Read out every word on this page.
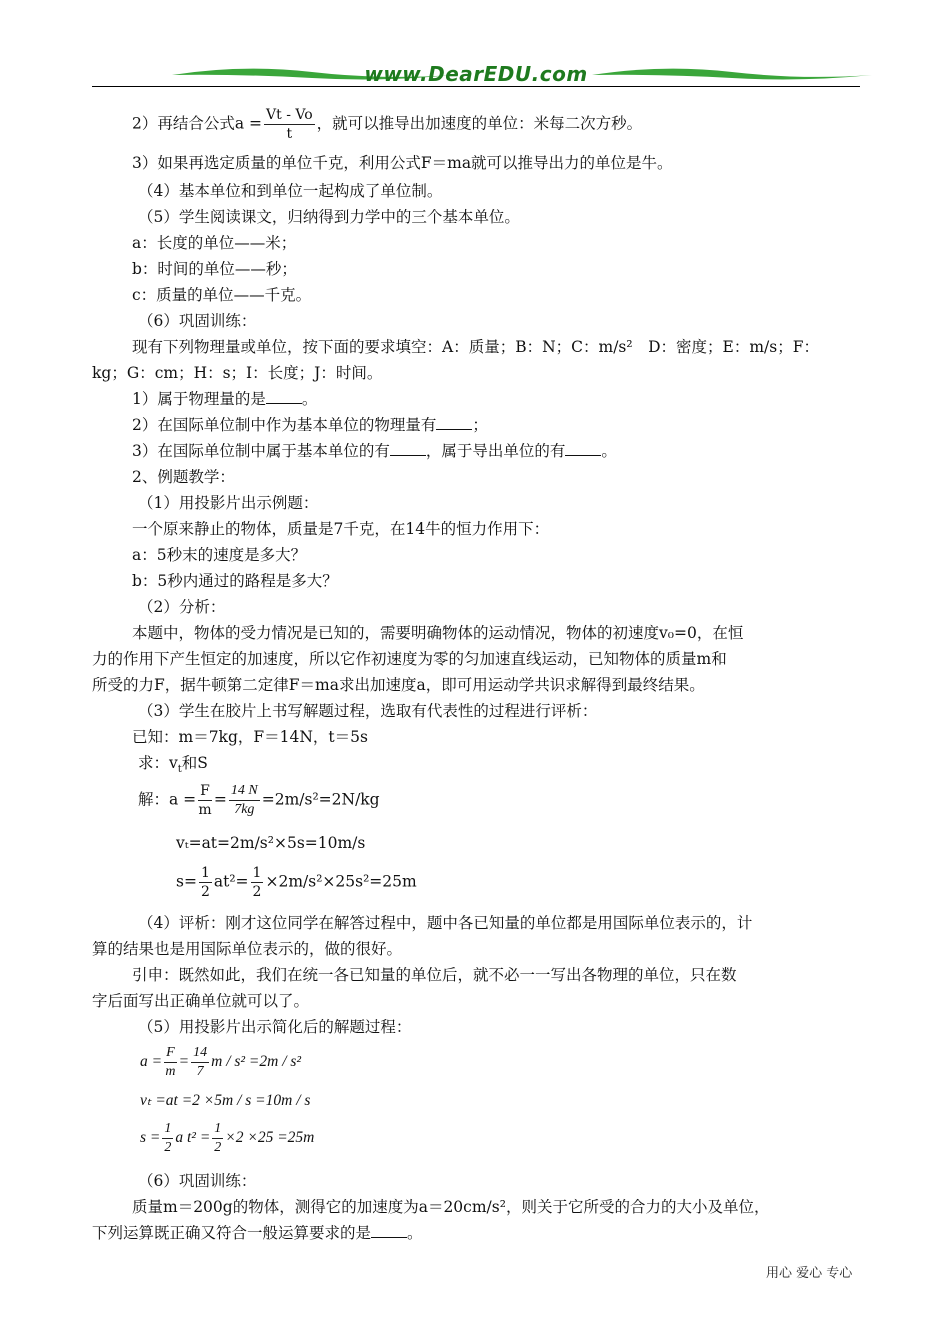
www.DearEDU.com
2）再结合公式$a = \frac{Vt - Vo}{t}$ ，就可以推导出加速度的单位：米每二次方秒。
3）如果再选定质量的单位千克，利用公式F＝ma就可以推导出力的单位是牛。
（4）基本单位和到单位一起构成了单位制。
（5）学生阅读课文，归纳得到力学中的三个基本单位。
a：长度的单位——米；
b：时间的单位——秒；
c：质量的单位——千克。
（6）巩固训练：
现有下列物理量或单位，按下面的要求填空：A：质量；B：N；C：m/s²　D：密度；E：m/s；F：
kg；G：cm；H：s；I：长度；J：时间。
1）属于物理量的是 。
2）在国际单位制中作为基本单位的物理量有 ；
3）在国际单位制中属于基本单位的有 ，属于导出单位的有 。
2、例题教学：
（1）用投影片出示例题：
一个原来静止的物体，质量是7千克，在14牛的恒力作用下：
a：5秒末的速度是多大？
b：5秒内通过的路程是多大？
（2）分析：
本题中，物体的受力情况是已知的，需要明确物体的运动情况，物体的初速度v₀=0，在恒
力的作用下产生恒定的加速度，所以它作初速度为零的匀加速直线运动，已知物体的质量m和
所受的力F，据牛顿第二定律F＝ma求出加速度a，即可用运动学共识求解得到最终结果。
（3）学生在胶片上书写解题过程，选取有代表性的过程进行评析：
已知：m＝7kg，F＝14N，t＝5s
求：$v_t$和S
解：$a = \frac{F}{m} = \frac{14 N}{7kg} =2m/s^2=2N/kg$
vₜ=at=2m/s²×5s=10m/s
$s= \frac{1}{2} at^2= \frac{1}{2} \times 2m/s^2\times 25s^2=25m$
（4）评析：刚才这位同学在解答过程中，题中各已知量的单位都是用国际单位表示的，计
算的结果也是用国际单位表示的，做的很好。
引申：既然如此，我们在统一各已知量的单位后，就不必一一写出各物理的单位，只在数
字后面写出正确单位就可以了。
（5）用投影片出示简化后的解题过程：
$a = \frac{F}{m} = \frac{14}{7}$ m / s² =2m / s²
vₜ =at =2 ×5m / s =10m / s
$s = \frac{1}{2}$ a $t^2 = \frac{1}{2} \times 2 \times 25 =25m$
（6）巩固训练：
质量m＝200g的物体，测得它的加速度为a＝20cm/s²，则关于它所受的合力的大小及单位，
下列运算既正确又符合一般运算要求的是 。
用心 爱心 专心
